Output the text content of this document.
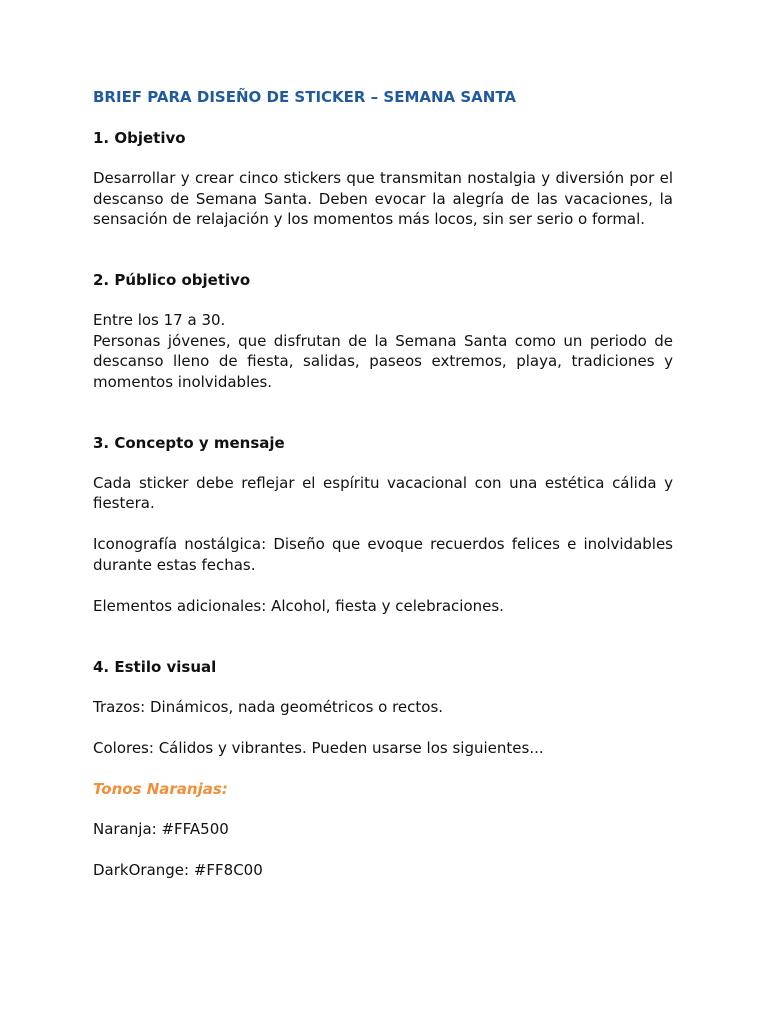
BRIEF PARA DISEÑO DE STICKER – SEMANA SANTA

1. Objetivo

Desarrollar y crear cinco stickers que transmitan nostalgia y diversión por el descanso de Semana Santa. Deben evocar la alegría de las vacaciones, la sensación de relajación y los momentos más locos, sin ser serio o formal.

2. Público objetivo

Entre los 17 a 30.

Personas jóvenes, que disfrutan de la Semana Santa como un periodo de descanso lleno de fiesta, salidas, paseos extremos, playa, tradiciones y momentos inolvidables.

3. Concepto y mensaje

Cada sticker debe reflejar el espíritu vacacional con una estética cálida y fiestera.

Iconografía nostálgica: Diseño que evoque recuerdos felices e inolvidables durante estas fechas.

Elementos adicionales: Alcohol, fiesta y celebraciones.

4. Estilo visual

Trazos: Dinámicos, nada geométricos o rectos.

Colores: Cálidos y vibrantes. Pueden usarse los siguientes...

Tonos Naranjas:

Naranja: #FFA500

DarkOrange: #FF8C00
